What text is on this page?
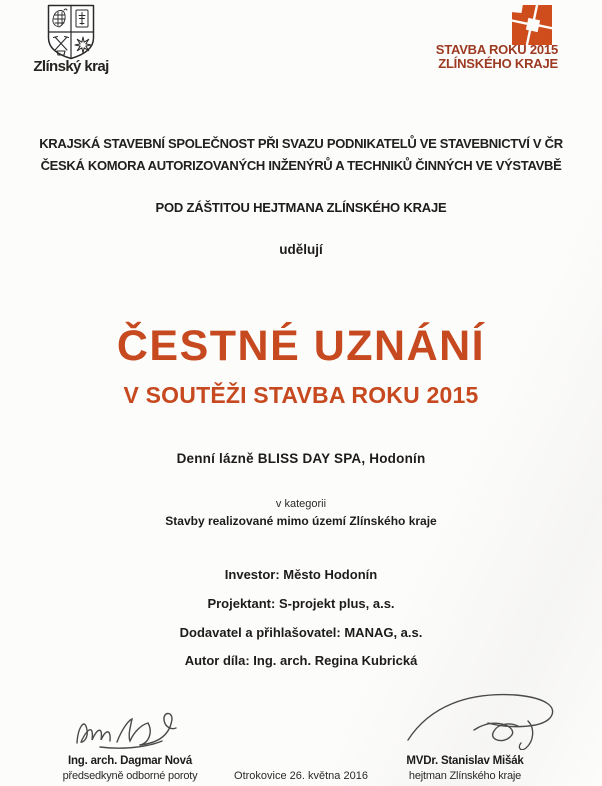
Zlínský kraj
STAVBA ROKU 2015
ZLÍNSKÉHO KRAJE
KRAJSKÁ STAVEBNÍ SPOLEČNOST PŘI SVAZU PODNIKATELŮ VE STAVEBNICTVÍ V ČR
ČESKÁ KOMORA AUTORIZOVANÝCH INŽENÝRŮ A TECHNIKŮ ČINNÝCH VE VÝSTAVBĚ
POD ZÁŠTITOU HEJTMANA ZLÍNSKÉHO KRAJE
udělují
ČESTNÉ UZNÁNÍ
V SOUTĚŽI STAVBA ROKU 2015
Denní lázně BLISS DAY SPA, Hodonín
v kategorii
Stavby realizované mimo území Zlínského kraje
Investor: Město Hodonín
Projektant: S-projekt plus, a.s.
Dodavatel a přihlašovatel: MANAG, a.s.
Autor díla: Ing. arch. Regina Kubrická
Ing. arch. Dagmar Nová
předsedkyně odborné poroty	Otrokovice 26. května 2016
MVDr. Stanislav Mišák
hejtman Zlínského kraje
